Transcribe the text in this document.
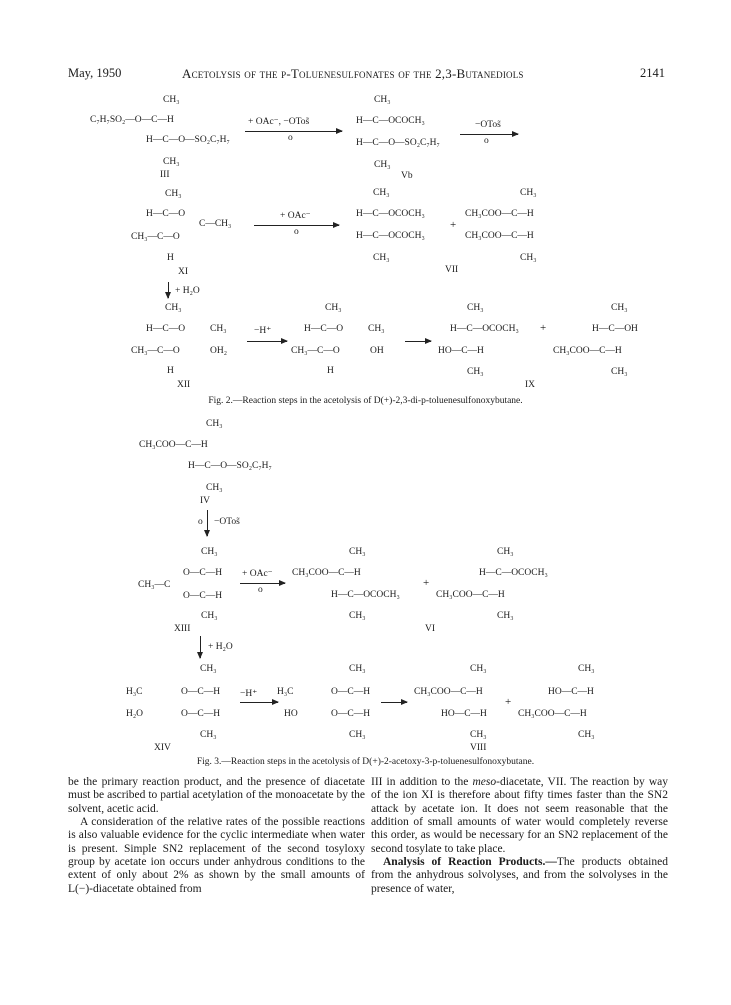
May, 1950	Acetolysis of the p-Toluenesulfonates of the 2,3-Butanediols	2141
CH₃
C₇H₇SO₂—O—C—H
H—C—O—SO₂C₇H₇
CH₃
III
+ OAc⁻, −OTos̃
o
CH₃
H—C—OCOCH₃
H—C—O—SO₂C₇H₇
CH₃
Vb
−OTos̃
o
CH₃
H—C—O
C—CH₃
CH₃—C—O
H
XI
+ OAc⁻
o
CH₃
H—C—OCOCH₃
H—C—OCOCH₃
CH₃
+
CH₃
CH₃COO—C—H
CH₃COO—C—H
CH₃
VII
+ H₂O
CH₃
H—C—O	CH₃
CH₃—C—O	OH₂
H
XII
−H⁺
CH₃
H—C—O	CH₃
CH₃—C—O	OH
H
CH₃
H—C—OCOCH₃
HO—C—H
CH₃
+
CH₃
H—C—OH
CH₃COO—C—H
CH₃
IX
Fig. 2.—Reaction steps in the acetolysis of D(+)-2,3-di-p-toluenesulfonoxybutane.
CH₃
CH₃COO—C—H
H—C—O—SO₂C₇H₇
CH₃
IV
−OTos̃
o
CH₃
O—C—H
CH₃—C
O—C—H
CH₃
XIII
+ OAc⁻
o
CH₃
CH₃COO—C—H
H—C—OCOCH₃
CH₃
+
CH₃
H—C—OCOCH₃
CH₃COO—C—H
CH₃
VI
+ H₂O
CH₃
H₃C	O—C—H
H₂O	O—C—H
CH₃
XIV
−H⁺
CH₃
H₃C	O—C—H
HO	O—C—H
CH₃
CH₃
CH₃COO—C—H
HO—C—H
CH₃
+
CH₃
HO—C—H
CH₃COO—C—H
CH₃
VIII
Fig. 3.—Reaction steps in the acetolysis of D(+)-2-acetoxy-3-p-toluenesulfonoxybutane.

be the primary reaction product, and the presence of diacetate must be ascribed to partial acetylation of the monoacetate by the solvent, acetic acid.

A consideration of the relative rates of the possible reactions is also valuable evidence for the cyclic intermediate when water is present. Simple SN2 replacement of the second tosyloxy group by acetate ion occurs under anhydrous conditions to the extent of only about 2% as shown by the small amounts of L(−)-diacetate obtained from

III in addition to the meso-diacetate, VII. The reaction by way of the ion XI is therefore about fifty times faster than the SN2 attack by acetate ion. It does not seem reasonable that the addition of small amounts of water would completely reverse this order, as would be necessary for an SN2 replacement of the second tosylate to take place.

Analysis of Reaction Products.—The products obtained from the anhydrous solvolyses, and from the solvolyses in the presence of water,
